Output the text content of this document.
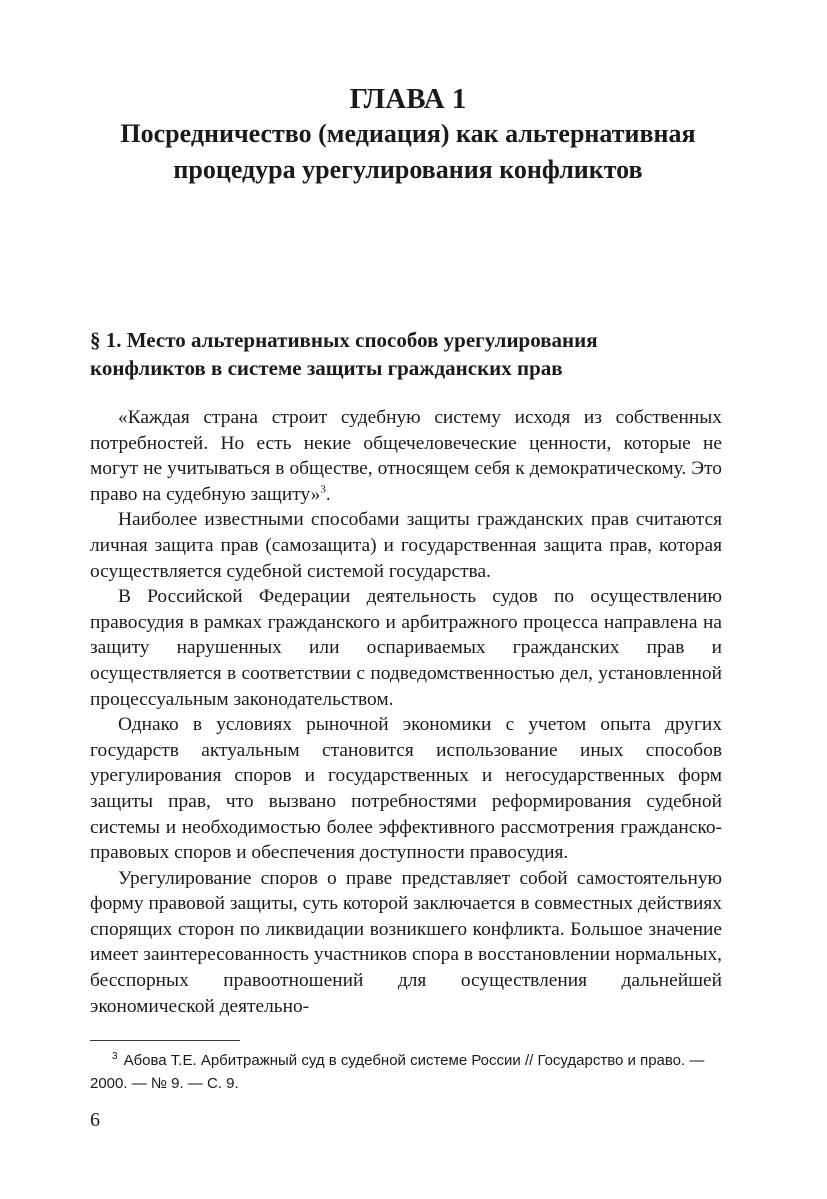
ГЛАВА 1

Посредничество (медиация) как альтернативная

процедура урегулирования конфликтов

§ 1. Место альтернативных способов урегулирования
конфликтов в системе защиты гражданских прав

«Каждая страна строит судебную систему исходя из собственных потребностей. Но есть некие общечеловеческие ценности, которые не могут не учитываться в обществе, относящем себя к демократическому. Это право на судебную защиту»$^3$.

Наиболее известными способами защиты гражданских прав считаются личная защита прав (самозащита) и государственная защита прав, которая осуществляется судебной системой государства.

В Российской Федерации деятельность судов по осуществлению правосудия в рамках гражданского и арбитражного процесса направлена на защиту нарушенных или оспариваемых гражданских прав и осуществляется в соответствии с подведомственностью дел, установленной процессуальным законодательством.

Однако в условиях рыночной экономики с учетом опыта других государств актуальным становится использование иных способов урегулирования споров и государственных и негосударственных форм защиты прав, что вызвано потребностями реформирования судебной системы и необходимостью более эффективного рассмотрения гражданско-правовых споров и обеспечения доступности правосудия.

Урегулирование споров о праве представляет собой самостоятельную форму правовой защиты, суть которой заключается в совместных действиях спорящих сторон по ликвидации возникшего конфликта. Большое значение имеет заинтересованность участников спора в восстановлении нормальных, бесспорных правоотношений для осуществления дальнейшей экономической деятельно-

$^3$ Абова Т.Е. Арбитражный суд в судебной системе России // Государство и право. — 2000. — № 9. — С. 9.

6
